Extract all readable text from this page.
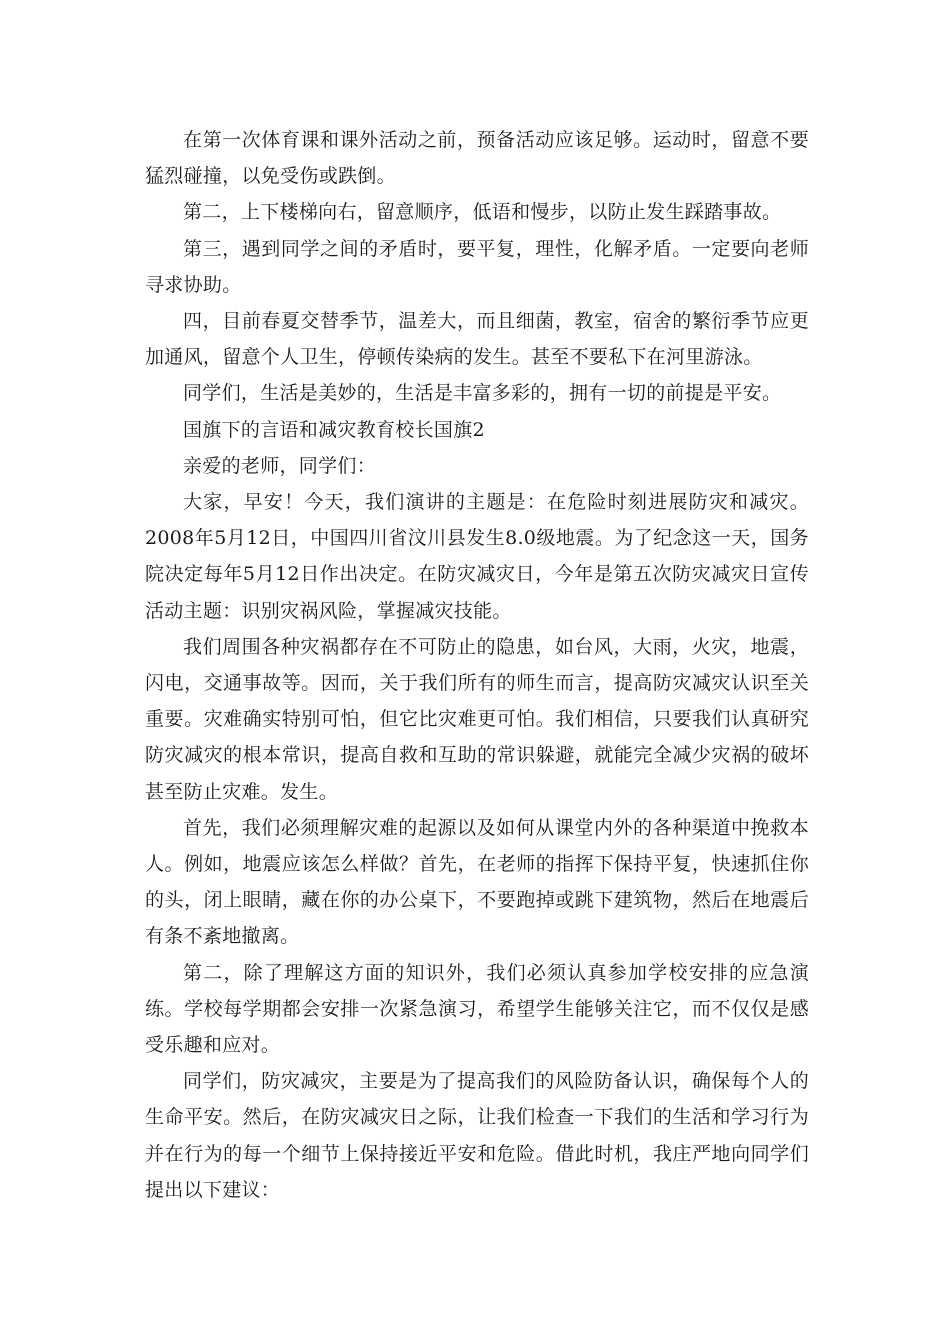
在第一次体育课和课外活动之前，预备活动应该足够。运动时，留意不要猛烈碰撞，以免受伤或跌倒。

第二，上下楼梯向右，留意顺序，低语和慢步，以防止发生踩踏事故。

第三，遇到同学之间的矛盾时，要平复，理性，化解矛盾。一定要向老师寻求协助。

四，目前春夏交替季节，温差大，而且细菌，教室，宿舍的繁衍季节应更加通风，留意个人卫生，停顿传染病的发生。甚至不要私下在河里游泳。

同学们，生活是美妙的，生活是丰富多彩的，拥有一切的前提是平安。

国旗下的言语和减灾教育校长国旗2

亲爱的老师，同学们：

大家，早安！今天，我们演讲的主题是：在危险时刻进展防灾和减灾。2008年5月12日，中国四川省汶川县发生8.0级地震。为了纪念这一天，国务院决定每年5月12日作出决定。在防灾减灾日，今年是第五次防灾减灾日宣传活动主题：识别灾祸风险，掌握减灾技能。

我们周围各种灾祸都存在不可防止的隐患，如台风，大雨，火灾，地震，闪电，交通事故等。因而，关于我们所有的师生而言，提高防灾减灾认识至关重要。灾难确实特别可怕，但它比灾难更可怕。我们相信，只要我们认真研究防灾减灾的根本常识，提高自救和互助的常识躲避，就能完全减少灾祸的破坏甚至防止灾难。发生。

首先，我们必须理解灾难的起源以及如何从课堂内外的各种渠道中挽救本人。例如，地震应该怎么样做？首先，在老师的指挥下保持平复，快速抓住你的头，闭上眼睛，藏在你的办公桌下，不要跑掉或跳下建筑物，然后在地震后有条不紊地撤离。

第二，除了理解这方面的知识外，我们必须认真参加学校安排的应急演练。学校每学期都会安排一次紧急演习，希望学生能够关注它，而不仅仅是感受乐趣和应对。

同学们，防灾减灾，主要是为了提高我们的风险防备认识，确保每个人的生命平安。然后，在防灾减灾日之际，让我们检查一下我们的生活和学习行为并在行为的每一个细节上保持接近平安和危险。借此时机，我庄严地向同学们提出以下建议：
